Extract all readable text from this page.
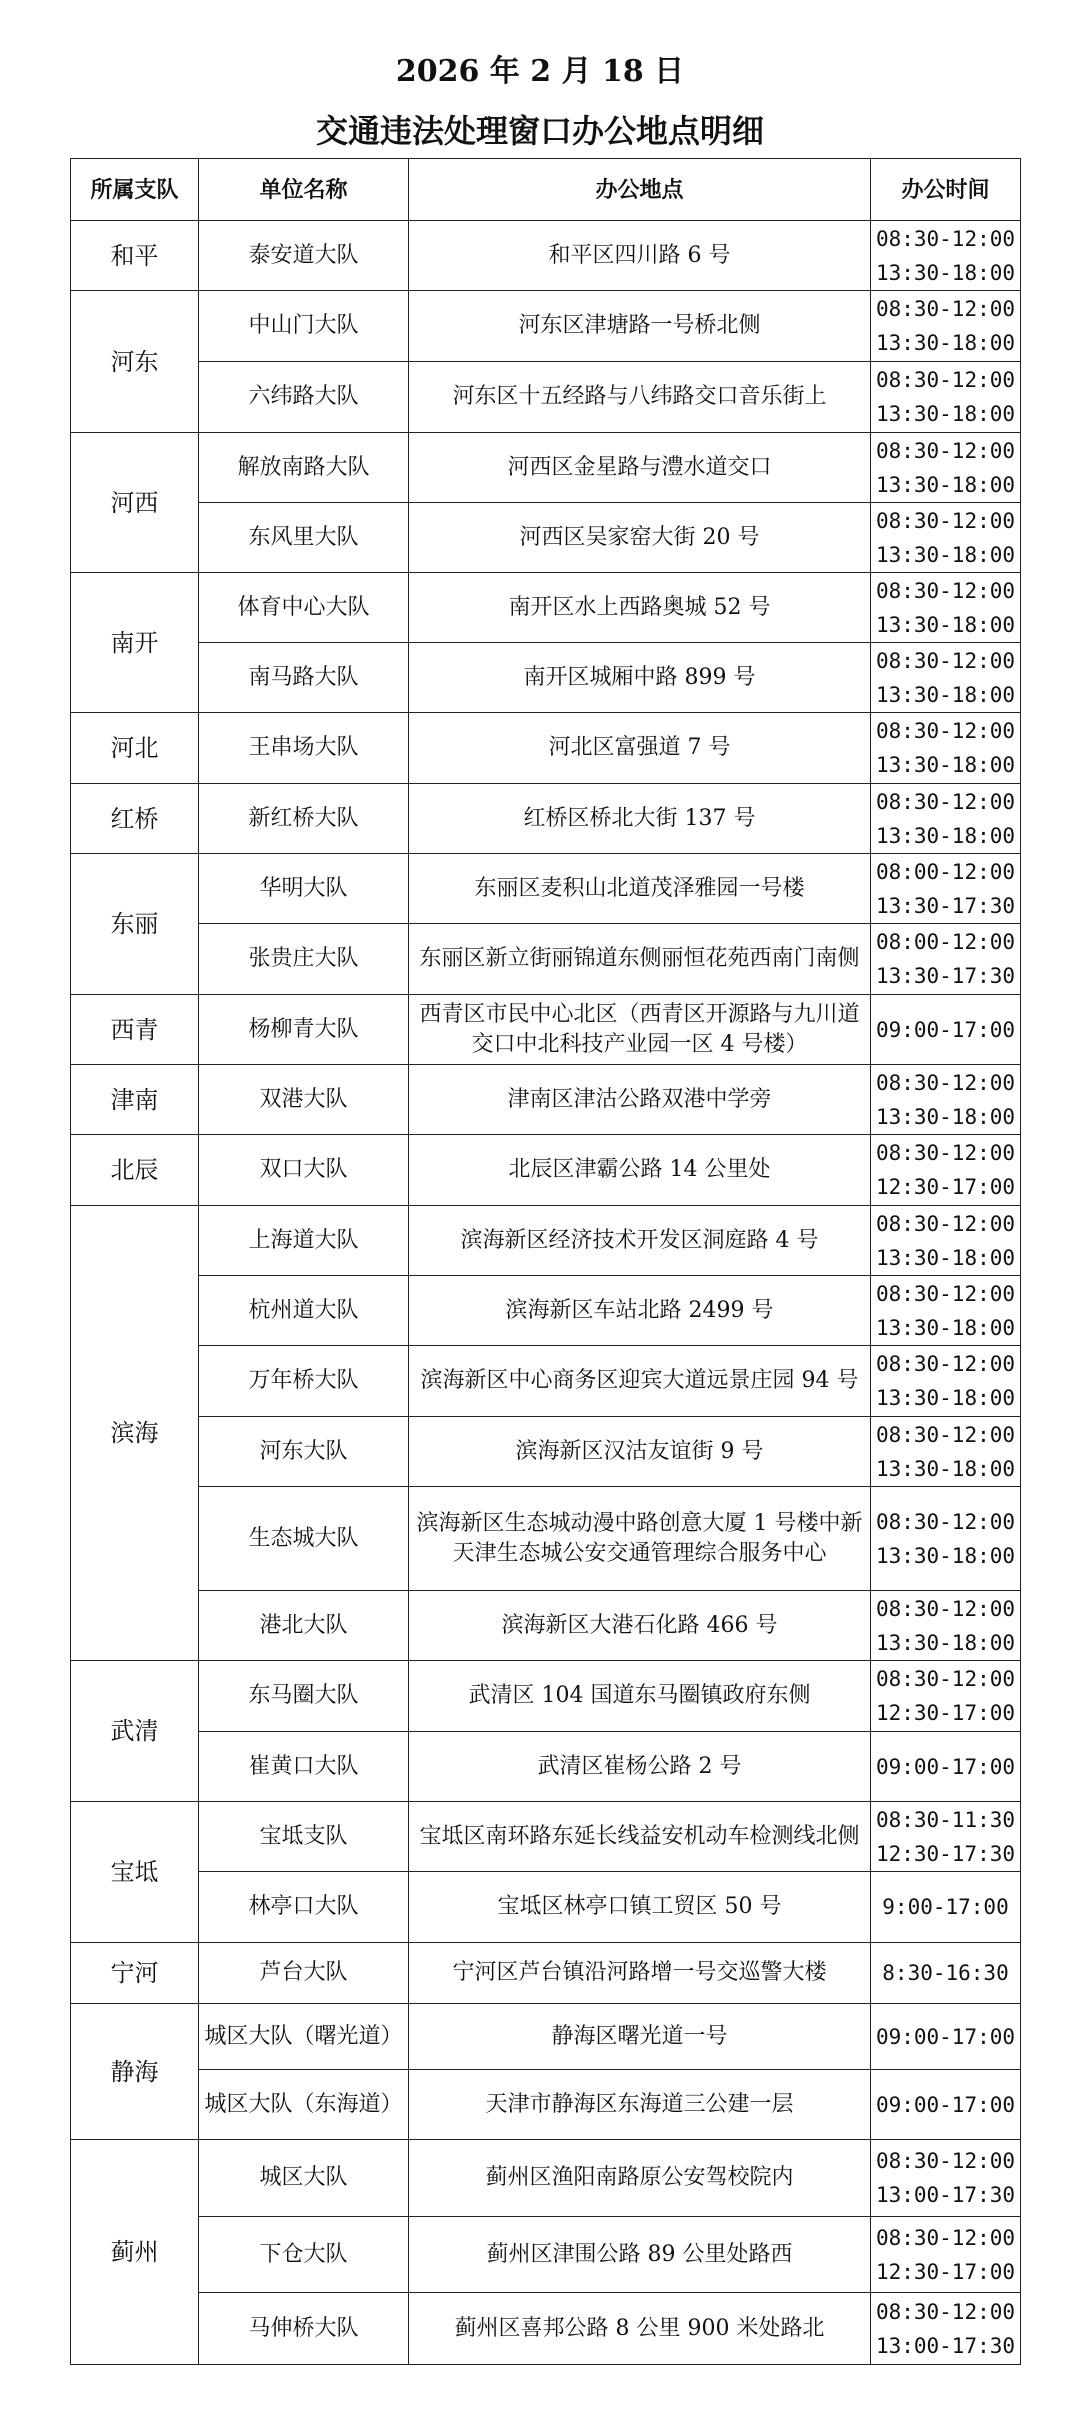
2026 年 2 月 18 日
交通违法处理窗口办公地点明细
所属支队	单位名称	办公地点	办公时间
和平	泰安道大队	和平区四川路 6 号	08:30-12:00
13:30-18:00

河东	中山门大队	河东区津塘路一号桥北侧	08:30-12:00
13:30-18:00

	六纬路大队	河东区十五经路与八纬路交口音乐街上	08:30-12:00
13:30-18:00

河西	解放南路大队	河西区金星路与澧水道交口	08:30-12:00
13:30-18:00

	东风里大队	河西区吴家窑大街 20 号	08:30-12:00
13:30-18:00

南开	体育中心大队	南开区水上西路奥城 52 号	08:30-12:00
13:30-18:00

	南马路大队	南开区城厢中路 899 号	08:30-12:00
13:30-18:00

河北	王串场大队	河北区富强道 7 号	08:30-12:00
13:30-18:00

红桥	新红桥大队	红桥区桥北大街 137 号	08:30-12:00
13:30-18:00

东丽	华明大队	东丽区麦积山北道茂泽雅园一号楼	08:00-12:00
13:30-17:30

	张贵庄大队	东丽区新立街丽锦道东侧丽恒花苑西南门南侧	08:00-12:00
13:30-17:30

西青	杨柳青大队	西青区市民中心北区（西青区开源路与九川道交口中北科技产业园一区 4 号楼）	09:00-17:00

津南	双港大队	津南区津沽公路双港中学旁	08:30-12:00
13:30-18:00

北辰	双口大队	北辰区津霸公路 14 公里处	08:30-12:00
12:30-17:00

滨海	上海道大队	滨海新区经济技术开发区洞庭路 4 号	08:30-12:00
13:30-18:00

	杭州道大队	滨海新区车站北路 2499 号	08:30-12:00
13:30-18:00

	万年桥大队	滨海新区中心商务区迎宾大道远景庄园 94 号	08:30-12:00
13:30-18:00

	河东大队	滨海新区汉沽友谊街 9 号	08:30-12:00
13:30-18:00

	生态城大队	滨海新区生态城动漫中路创意大厦 1 号楼中新天津生态城公安交通管理综合服务中心	08:30-12:00
13:30-18:00

	港北大队	滨海新区大港石化路 466 号	08:30-12:00
13:30-18:00

武清	东马圈大队	武清区 104 国道东马圈镇政府东侧	08:30-12:00
12:30-17:00

	崔黄口大队	武清区崔杨公路 2 号	09:00-17:00

宝坻	宝坻支队	宝坻区南环路东延长线益安机动车检测线北侧	08:30-11:30
12:30-17:30

	林亭口大队	宝坻区林亭口镇工贸区 50 号	9:00-17:00

宁河	芦台大队	宁河区芦台镇沿河路增一号交巡警大楼	8:30-16:30

静海	城区大队（曙光道）	静海区曙光道一号	09:00-17:00

	城区大队（东海道）	天津市静海区东海道三公建一层	09:00-17:00

蓟州	城区大队	蓟州区渔阳南路原公安驾校院内	08:30-12:00
13:00-17:30

	下仓大队	蓟州区津围公路 89 公里处路西	08:30-12:00
12:30-17:00

	马伸桥大队	蓟州区喜邦公路 8 公里 900 米处路北	08:30-12:00
13:00-17:30
